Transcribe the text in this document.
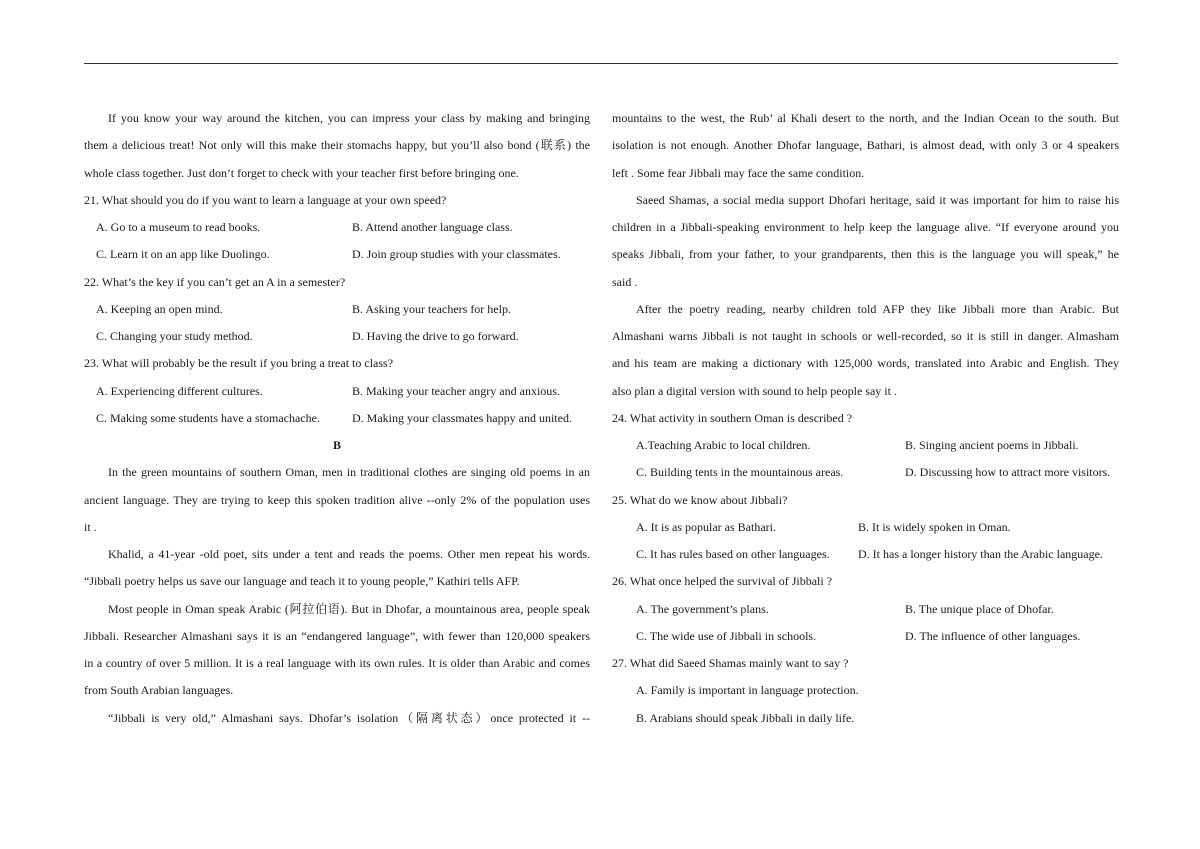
If you know your way around the kitchen, you can impress your class by making and bringing
them a delicious treat! Not only will this make their stomachs happy, but you’ll also bond (联系) the
whole class together. Just don’t forget to check with your teacher first before bringing one.
21. What should you do if you want to learn a language at your own speed?
A. Go to a museum to read books.	B. Attend another language class.
C. Learn it on an app like Duolingo.	D. Join group studies with your classmates.
22. What’s the key if you can’t get an A in a semester?
A. Keeping an open mind.	B. Asking your teachers for help.
C. Changing your study method.	D. Having the drive to go forward.
23. What will probably be the result if you bring a treat to class?
A. Experiencing different cultures.	B. Making your teacher angry and anxious.
C. Making some students have a stomachache.	D. Making your classmates happy and united.
B
In the green mountains of southern Oman, men in traditional clothes are singing old poems in an
ancient language. They are trying to keep this spoken tradition alive --only 2% of the population uses
it .
Khalid, a 41-year -old poet, sits under a tent and reads the poems. Other men repeat his words.
“Jibbali poetry helps us save our language and teach it to young people,” Kathiri tells AFP.
Most people in Oman speak Arabic (阿拉伯语). But in Dhofar, a mountainous area, people speak
Jibbali. Researcher Almashani says it is an “endangered language”, with fewer than 120,000 speakers
in a country of over 5 million. It is a real language with its own rules. It is older than Arabic and comes
from South Arabian languages.
“Jibbali is very old,” Almashani says. Dhofar’s isolation（隔离状态）once protected it --
mountains to the west, the Rub’ al Khali desert to the north, and the Indian Ocean to the south. But
isolation is not enough. Another Dhofar language, Bathari, is almost dead, with only 3 or 4 speakers
left . Some fear Jibbali may face the same condition.
Saeed Shamas, a social media support Dhofari heritage, said it was important for him to raise his
children in a Jibbali-speaking environment to help keep the language alive. “If everyone around you
speaks Jibbali, from your father, to your grandparents, then this is the language you will speak,” he
said .
After the poetry reading, nearby children told AFP they like Jibbali more than Arabic. But
Almashani warns Jibbali is not taught in schools or well-recorded, so it is still in danger. Almasham
and his team are making a dictionary with 125,000 words, translated into Arabic and English. They
also plan a digital version with sound to help people say it .
24. What activity in southern Oman is described ?
A.Teaching Arabic to local children.	B. Singing ancient poems in Jibbali.
C. Building tents in the mountainous areas.	D. Discussing how to attract more visitors.
25. What do we know about Jibbali?
A. It is as popular as Bathari.	B. It is widely spoken in Oman.
C. It has rules based on other languages.	D. It has a longer history than the Arabic language.
26. What once helped the survival of Jibbali ?
A. The government’s plans.	B. The unique place of Dhofar.
C. The wide use of Jibbali in schools.	D. The influence of other languages.
27. What did Saeed Shamas mainly want to say ?
A. Family is important in language protection.
B. Arabians should speak Jibbali in daily life.
